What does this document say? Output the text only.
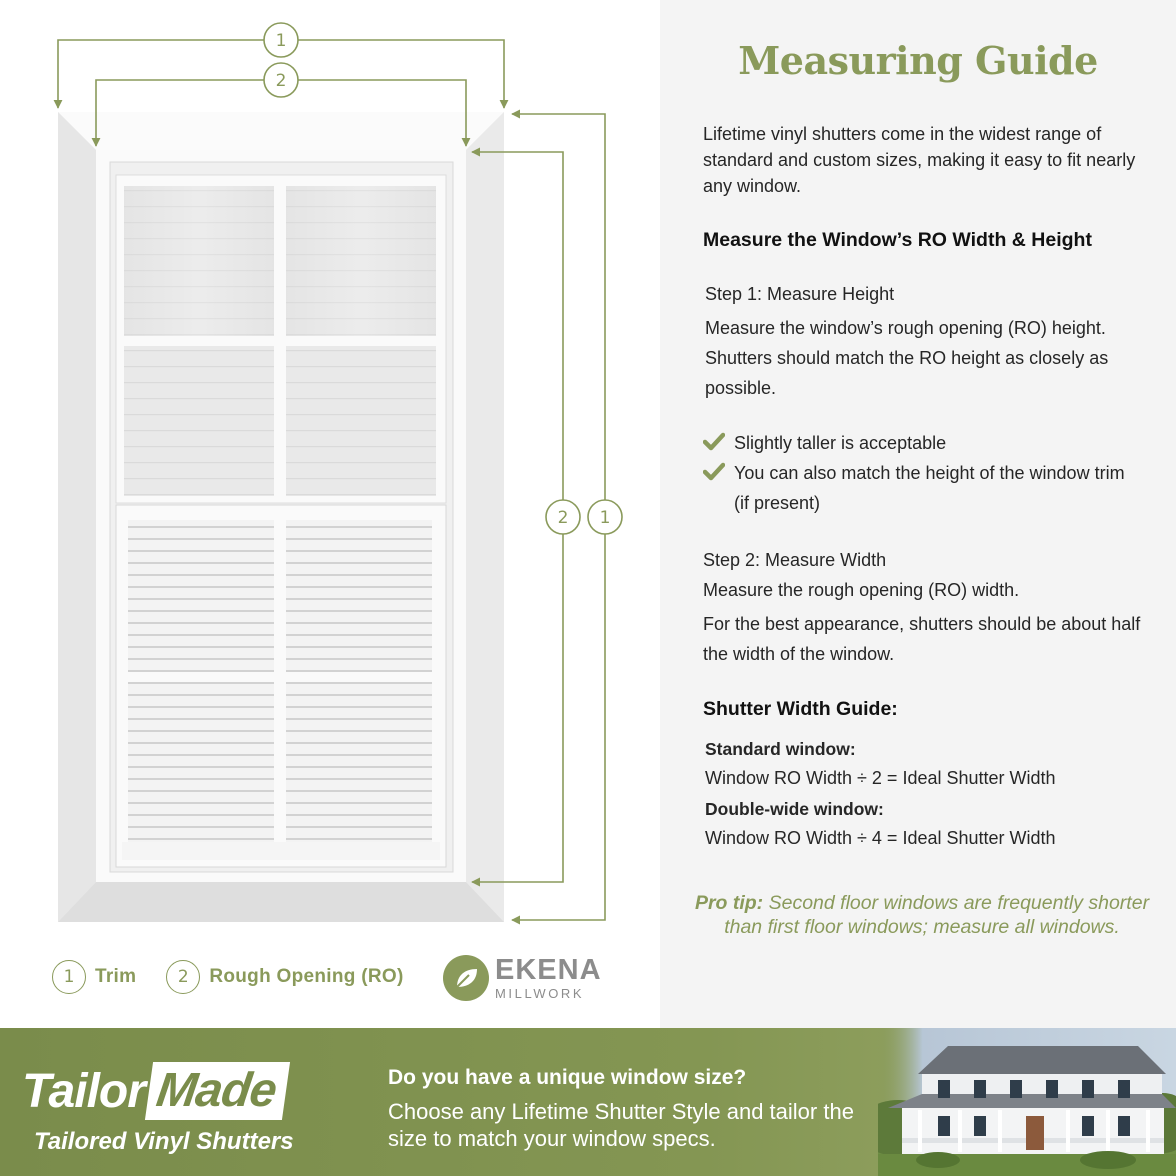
1
2
2 1
1	Trim	2	Rough Opening (RO)	EKENA
MILLWORK
Measuring Guide
Lifetime vinyl shutters come in the widest range of standard and custom sizes, making it easy to fit nearly any window.
Measure the Window’s RO Width & Height
Step 1: Measure Height
Measure the window’s rough opening (RO) height. Shutters should match the RO height as closely as possible.
Slightly taller is acceptable
You can also match the height of the window trim (if present)
Step 2: Measure Width
Measure the rough opening (RO) width.
For the best appearance, shutters should be about half the width of the window.
Shutter Width Guide:
Standard window:
Window RO Width ÷ 2 = Ideal Shutter Width
Double-wide window:
Window RO Width ÷ 4 = Ideal Shutter Width
Pro tip: Second floor windows are frequently shorter than first floor windows; measure all windows.
Tailor Made
Tailored Vinyl Shutters
Do you have a unique window size?
Choose any Lifetime Shutter Style and tailor the size to match your window specs.
